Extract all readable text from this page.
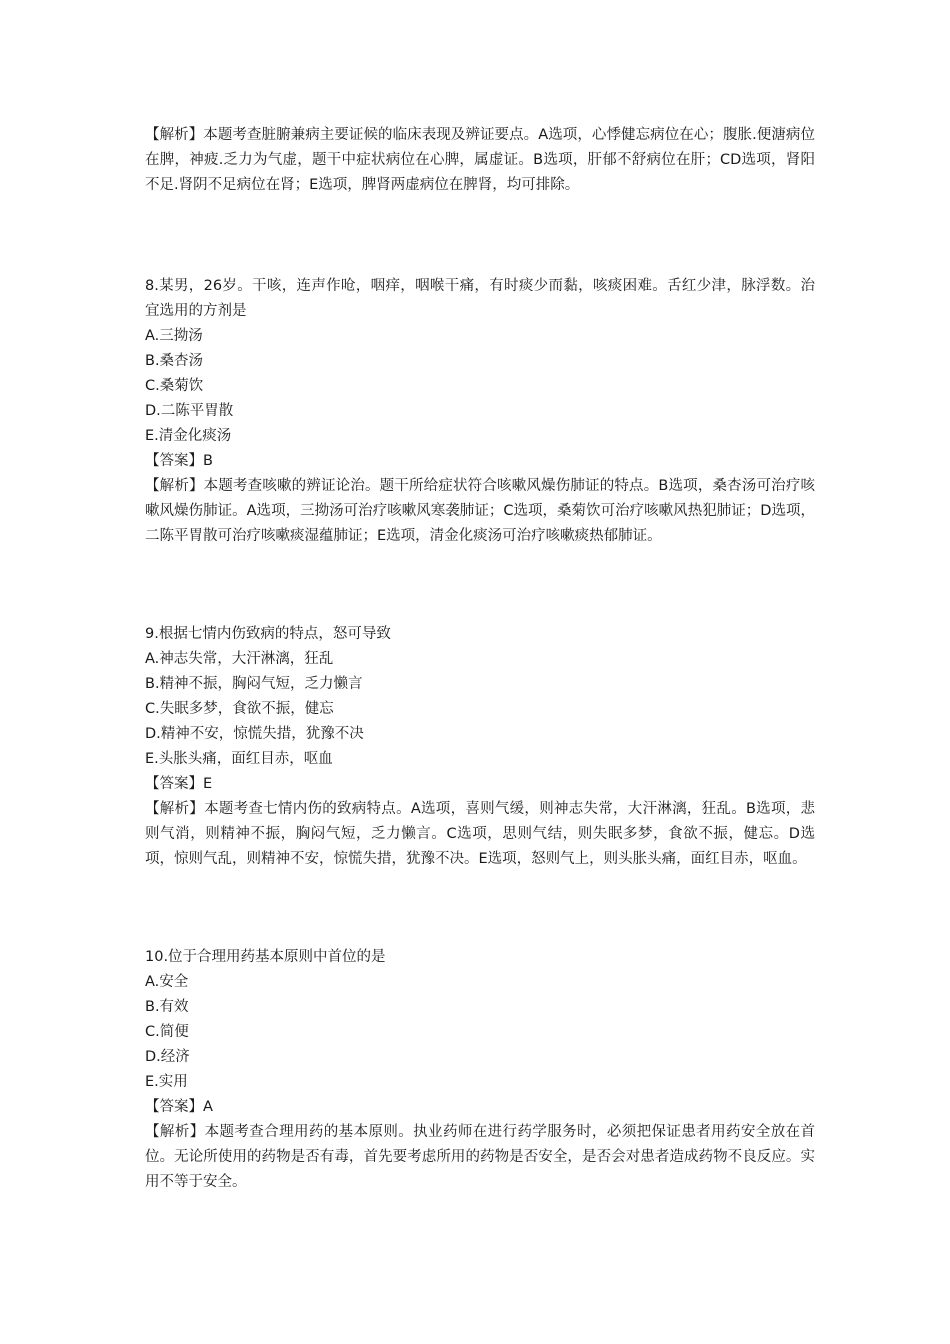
【解析】本题考查脏腑兼病主要证候的临床表现及辨证要点。A选项，心悸健忘病位在心；腹胀.便溏病位在脾，神疲.乏力为气虚，题干中症状病位在心脾，属虚证。B选项，肝郁不舒病位在肝；CD选项，肾阳不足.肾阴不足病位在肾；E选项，脾肾两虚病位在脾肾，均可排除。
8.某男，26岁。干咳，连声作呛，咽痒，咽喉干痛，有时痰少而黏，咳痰困难。舌红少津，脉浮数。治宜选用的方剂是
A.三拗汤
B.桑杏汤
C.桑菊饮
D.二陈平胃散
E.清金化痰汤
【答案】B
【解析】本题考查咳嗽的辨证论治。题干所给症状符合咳嗽风燥伤肺证的特点。B选项，桑杏汤可治疗咳嗽风燥伤肺证。A选项，三拗汤可治疗咳嗽风寒袭肺证；C选项，桑菊饮可治疗咳嗽风热犯肺证；D选项，二陈平胃散可治疗咳嗽痰湿蕴肺证；E选项，清金化痰汤可治疗咳嗽痰热郁肺证。
9.根据七情内伤致病的特点，怒可导致
A.神志失常，大汗淋漓，狂乱
B.精神不振，胸闷气短，乏力懒言
C.失眠多梦，食欲不振，健忘
D.精神不安，惊慌失措，犹豫不决
E.头胀头痛，面红目赤，呕血
【答案】E
【解析】本题考查七情内伤的致病特点。A选项，喜则气缓，则神志失常，大汗淋漓，狂乱。B选项，悲则气消，则精神不振，胸闷气短，乏力懒言。C选项，思则气结，则失眠多梦，食欲不振，健忘。D选项，惊则气乱，则精神不安，惊慌失措，犹豫不决。E选项，怒则气上，则头胀头痛，面红目赤，呕血。
10.位于合理用药基本原则中首位的是
A.安全
B.有效
C.简便
D.经济
E.实用
【答案】A
【解析】本题考查合理用药的基本原则。执业药师在进行药学服务时，必须把保证患者用药安全放在首位。无论所使用的药物是否有毒，首先要考虑所用的药物是否安全，是否会对患者造成药物不良反应。实用不等于安全。
